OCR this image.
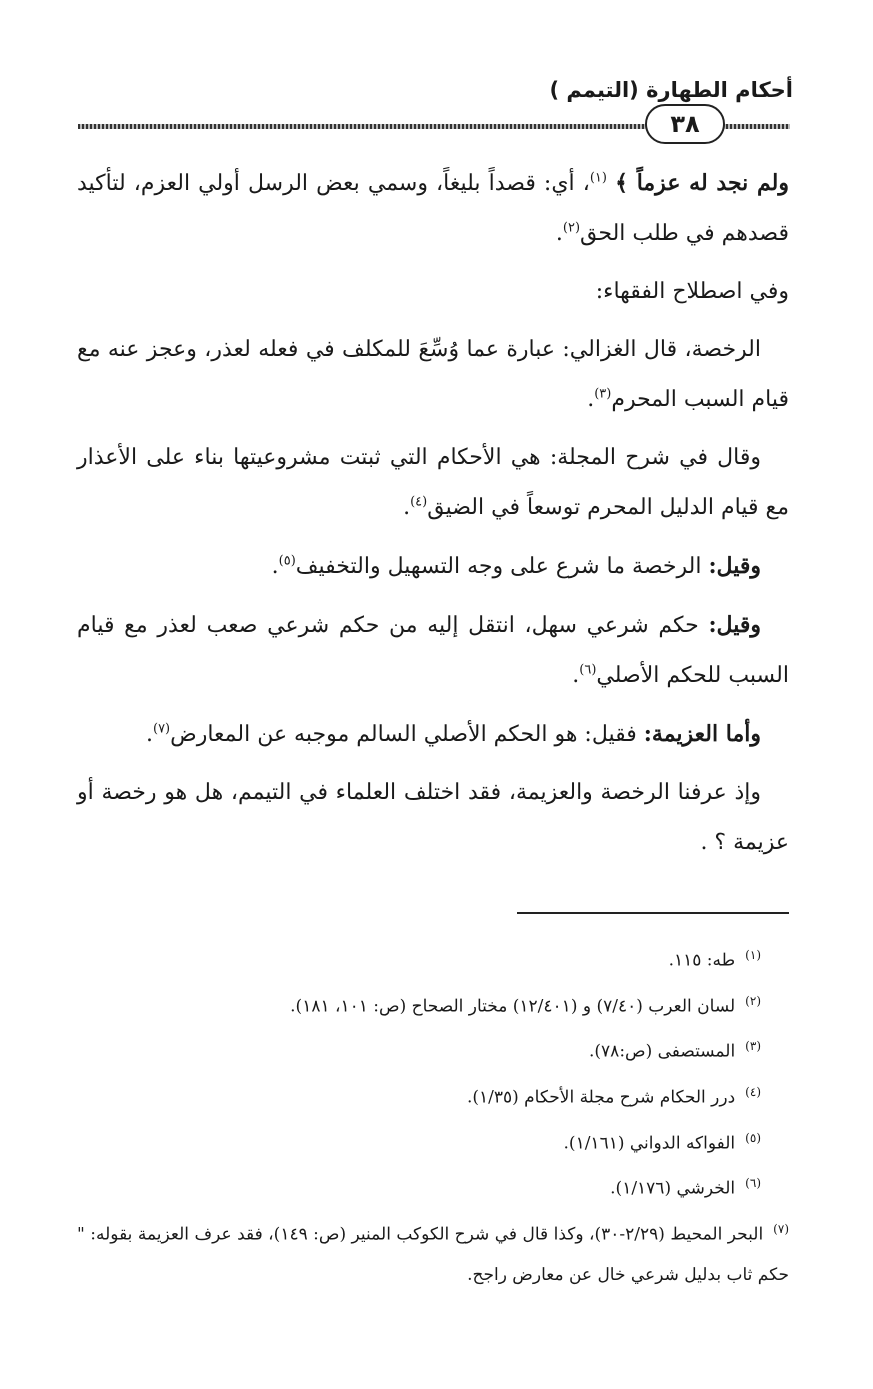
أحكام الطهارة (التيمم )
٣٨

ولم نجد له عزماً ﴾ $^{(١)}$، أي: قصداً بليغاً، وسمي بعض الرسل أولي العزم، لتأكيد قصدهم في طلب الحق$^{(٢)}$.

وفي اصطلاح الفقهاء:

الرخصة، قال الغزالي: عبارة عما وُسِّعَ للمكلف في فعله لعذر، وعجز عنه مع قيام السبب المحرم$^{(٣)}$.

وقال في شرح المجلة: هي الأحكام التي ثبتت مشروعيتها بناء على الأعذار مع قيام الدليل المحرم توسعاً في الضيق$^{(٤)}$.

وقيل: الرخصة ما شرع على وجه التسهيل والتخفيف$^{(٥)}$.

وقيل: حكم شرعي سهل، انتقل إليه من حكم شرعي صعب لعذر مع قيام السبب للحكم الأصلي$^{(٦)}$.

وأما العزيمة: فقيل: هو الحكم الأصلي السالم موجبه عن المعارض$^{(٧)}$.

وإذ عرفنا الرخصة والعزيمة، فقد اختلف العلماء في التيمم، هل هو رخصة أو عزيمة ؟ .

$^{(١)}$طه: ١١٥.

$^{(٢)}$لسان العرب (٧/٤٠) و (١٢/٤٠١) مختار الصحاح (ص: ١٠١، ١٨١).

$^{(٣)}$المستصفى (ص:٧٨).

$^{(٤)}$درر الحكام شرح مجلة الأحكام (١/٣٥).

$^{(٥)}$الفواكه الدواني (١/١٦١).

$^{(٦)}$الخرشي (١/١٧٦).

$^{(٧)}$البحر المحيط (٢/٢٩-٣٠)، وكذا قال في شرح الكوكب المنير (ص: ١٤٩)، فقد عرف العزيمة بقوله: " حكم ثاب بدليل شرعي خال عن معارض راجح.
